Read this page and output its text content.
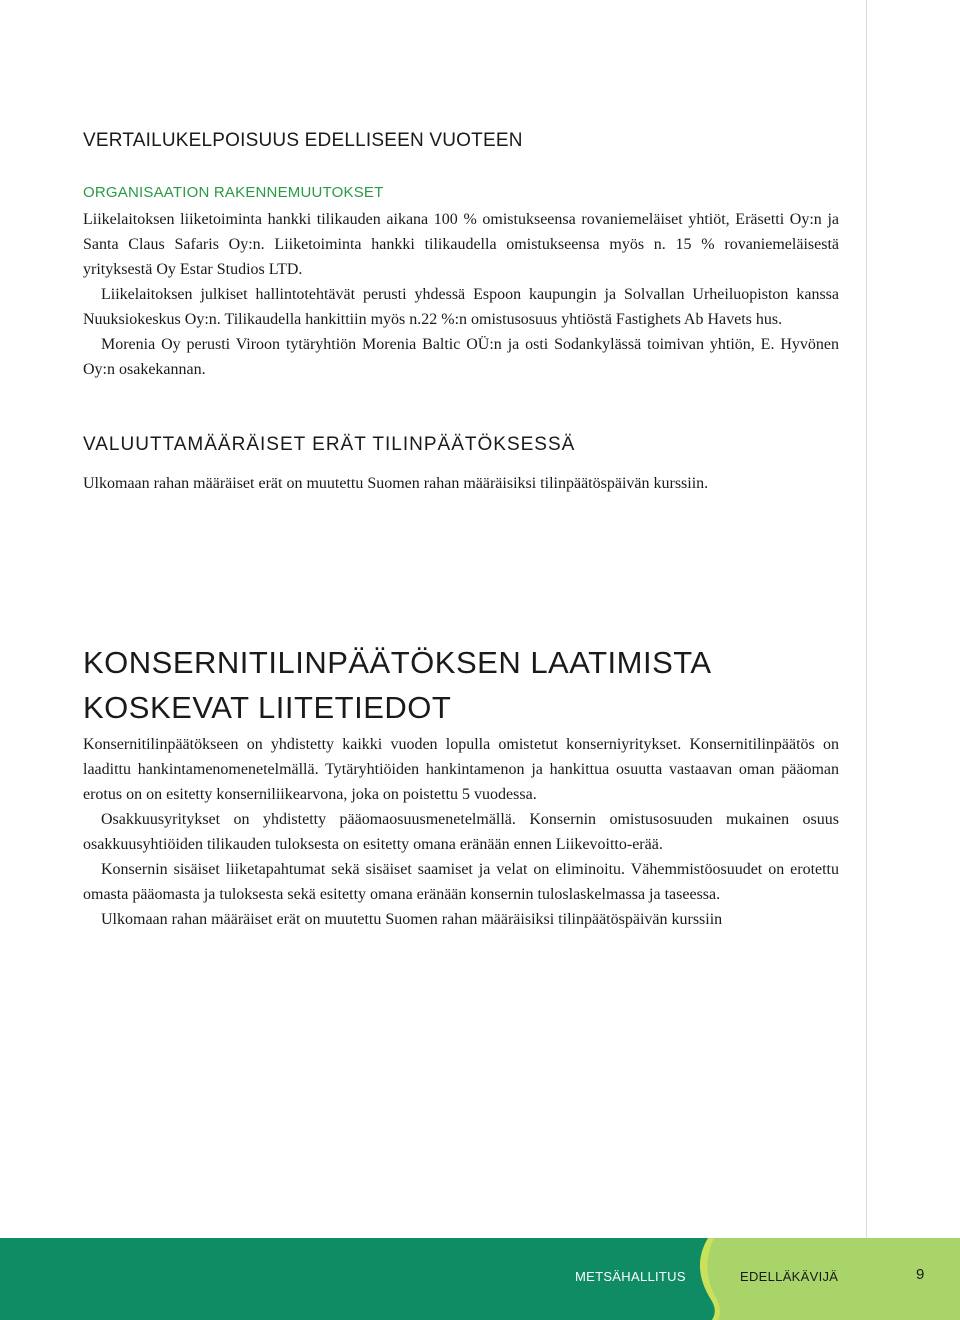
VERTAILUKELPOISUUS EDELLISEEN VUOTEEN
ORGANISAATION RAKENNEMUUTOKSET

Liikelaitoksen liiketoiminta hankki tilikauden aikana 100 % omistukseensa rovaniemeläiset yhtiöt, Eräsetti Oy:n ja Santa Claus Safaris Oy:n. Liiketoiminta hankki tilikaudella omistukseensa myös n. 15 % rovaniemeläisestä yrityksestä Oy Estar Studios LTD.

Liikelaitoksen julkiset hallintotehtävät perusti yhdessä Espoon kaupungin ja Solvallan Urheiluopiston kanssa Nuuksiokeskus Oy:n. Tilikaudella hankittiin myös n.22 %:n omistusosuus yhtiöstä Fastighets Ab Havets hus.

Morenia Oy perusti Viroon tytäryhtiön Morenia Baltic OÜ:n ja osti Sodankylässä toimivan yhtiön, E. Hyvönen Oy:n osakekannan.

VALUUTTAMÄÄRÄISET ERÄT TILINPÄÄTÖKSESSÄ

Ulkomaan rahan määräiset erät on muutettu Suomen rahan määräisiksi tilinpäätöspäivän kurssiin.

KONSERNITILINPÄÄTÖKSEN LAATIMISTA
KOSKEVAT LIITETIEDOT

Konsernitilinpäätökseen on yhdistetty kaikki vuoden lopulla omistetut konserniyritykset. Konsernitilinpäätös on laadittu hankintamenomenetelmällä. Tytäryhtiöiden hankintamenon ja hankittua osuutta vastaavan oman pääoman erotus on on esitetty konserniliikearvona, joka on poistettu 5 vuodessa.

Osakkuusyritykset on yhdistetty pääomaosuusmenetelmällä. Konsernin omistusosuuden mukainen osuus osakkuusyhtiöiden tilikauden tuloksesta on esitetty omana eränään ennen Liikevoitto-erää.

Konsernin sisäiset liiketapahtumat sekä sisäiset saamiset ja velat on eliminoitu. Vähemmistöosuudet on erotettu omasta pääomasta ja tuloksesta sekä esitetty omana eränään konsernin tuloslaskelmassa ja taseessa.

Ulkomaan rahan määräiset erät on muutettu Suomen rahan määräisiksi tilinpäätöspäivän kurssiin

METSÄHALLITUS	EDELLÄKÄVIJÄ	9
